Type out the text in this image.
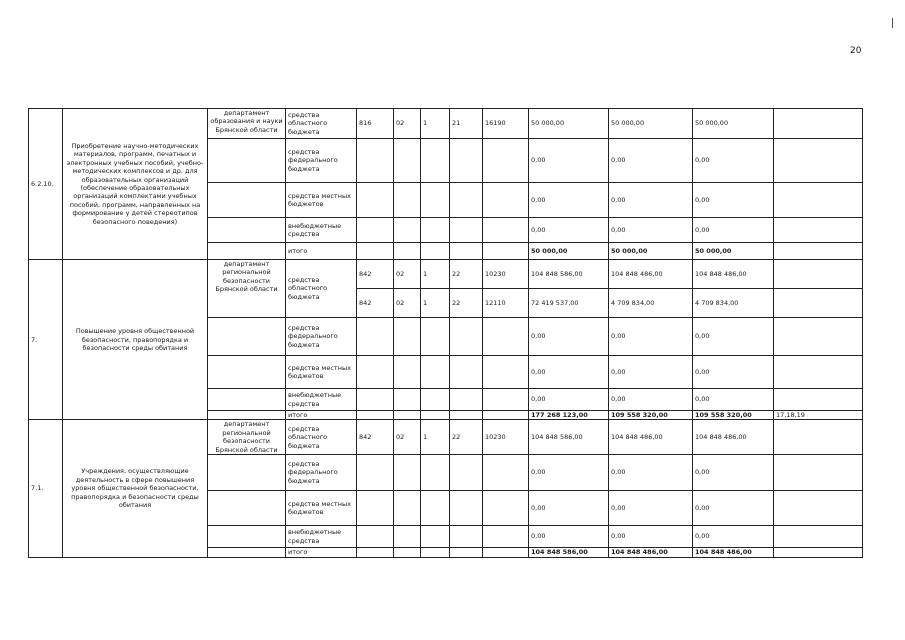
20
6.2.10.	Приобретение научно-методических материалов, программ, печатных и электронных учебных пособий, учебно-методических комплексов и др. для образовательных организаций (обеспечение образовательных организаций комплектами учебных пособий, программ, направленных на формирование у детей стереотипов безопасного поведения)	департамент образования и науки Брянской области	средства областного бюджета	816	02	1	21	16190	50 000,00	50 000,00	50 000,00	
			средства федерального бюджета						0,00	0,00	0,00	
			средства местных бюджетов						0,00	0,00	0,00	
			внебюджетные средства						0,00	0,00	0,00	
			итого						50 000,00	50 000,00	50 000,00	
7.	Повышение уровня общественной безопасности, правопорядка и безопасности среды обитания	департамент региональной безопасности Брянской области	средства областного бюджета	842	02	1	22	10230	104 848 586,00	104 848 486,00	104 848 486,00	
				842	02	1	22	12110	72 419 537,00	4 709 834,00	4 709 834,00	
			средства федерального бюджета						0,00	0,00	0,00	
			средства местных бюджетов						0,00	0,00	0,00	
			внебюджетные средства						0,00	0,00	0,00	
			итого						177 268 123,00	109 558 320,00	109 558 320,00	17,18,19
7.1.	Учреждения, осуществляющие деятельность в сфере повышения уровня общественной безопасности, правопорядка и безопасности среды обитания	департамент региональной безопасности Брянской области	средства областного бюджета	842	02	1	22	10230	104 848 586,00	104 848 486,00	104 848 486,00	
			средства федерального бюджета						0,00	0,00	0,00	
			средства местных бюджетов						0,00	0,00	0,00	
			внебюджетные средства						0,00	0,00	0,00	
			итого						104 848 586,00	104 848 486,00	104 848 486,00	
